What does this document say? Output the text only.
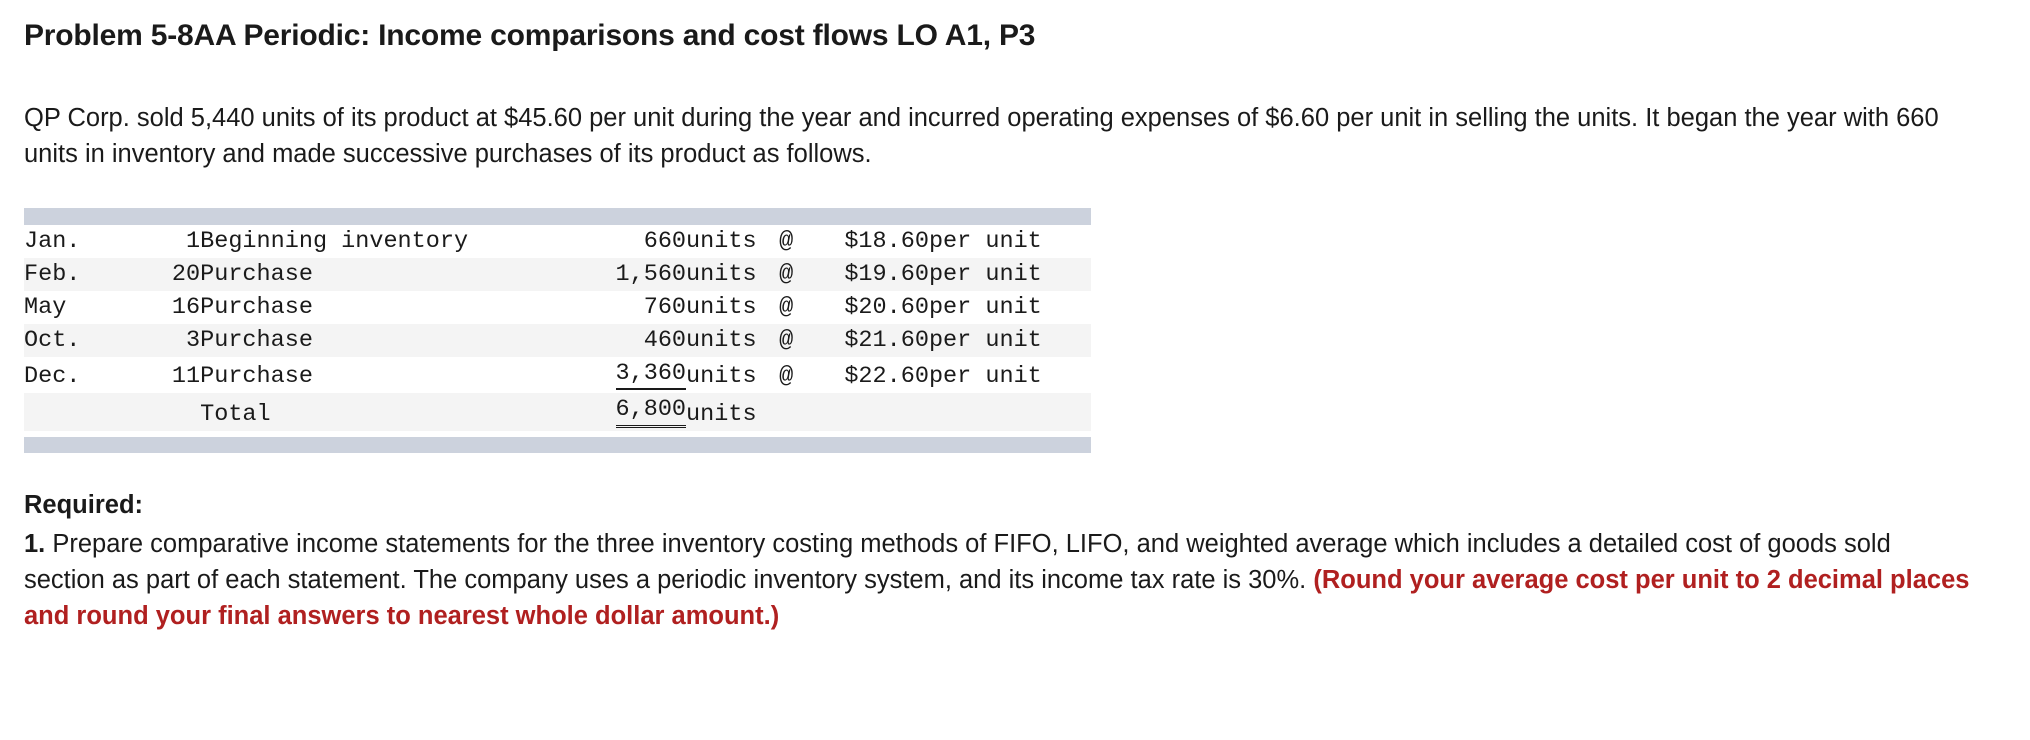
Problem 5-8AA Periodic: Income comparisons and cost flows LO A1, P3

QP Corp. sold 5,440 units of its product at $45.60 per unit during the year and incurred operating expenses of $6.60 per unit in selling the units. It began the year with 660 units in inventory and made successive purchases of its product as follows.

Jan.	1	Beginning inventory	660	units	@	$18.60	per unit
Feb.	20	Purchase	1,560	units	@	$19.60	per unit
May	16	Purchase	760	units	@	$20.60	per unit
Oct.	3	Purchase	460	units	@	$21.60	per unit
Dec.	11	Purchase	3,360	units	@	$22.60	per unit
		Total	6,800	units			
Required:
1. Prepare comparative income statements for the three inventory costing methods of FIFO, LIFO, and weighted average which includes a detailed cost of goods sold section as part of each statement. The company uses a periodic inventory system, and its income tax rate is 30%. (Round your average cost per unit to 2 decimal places and round your final answers to nearest whole dollar amount.)
